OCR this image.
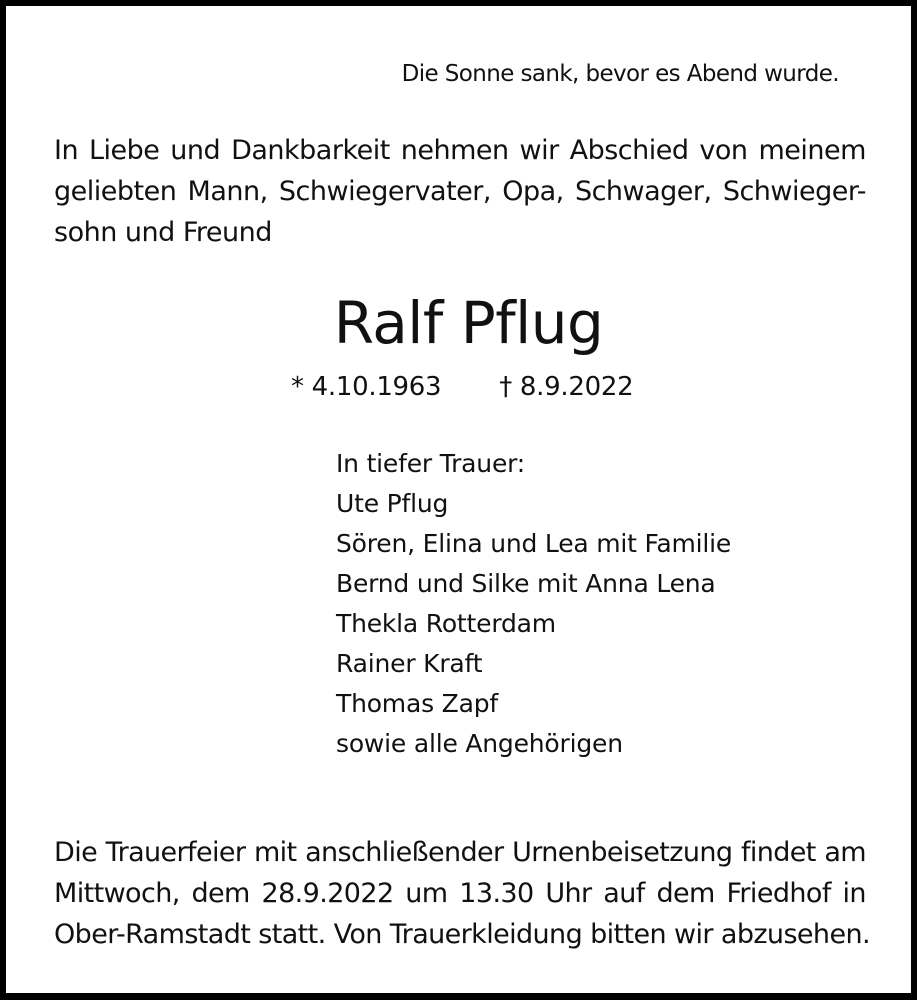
Die Sonne sank, bevor es Abend wurde.
In Liebe und Dankbarkeit nehmen wir Abschied von meinem
geliebten Mann, Schwiegervater, Opa, Schwager, Schwieger-
sohn und Freund
Ralf Pflug
* 4.10.1963 † 8.9.2022
In tiefer Trauer:
Ute Pflug
Sören, Elina und Lea mit Familie
Bernd und Silke mit Anna Lena
Thekla Rotterdam
Rainer Kraft
Thomas Zapf
sowie alle Angehörigen
Die Trauerfeier mit anschließender Urnenbeisetzung findet am
Mittwoch, dem 28.9.2022 um 13.30 Uhr auf dem Friedhof in
Ober-Ramstadt statt. Von Trauerkleidung bitten wir abzusehen.
